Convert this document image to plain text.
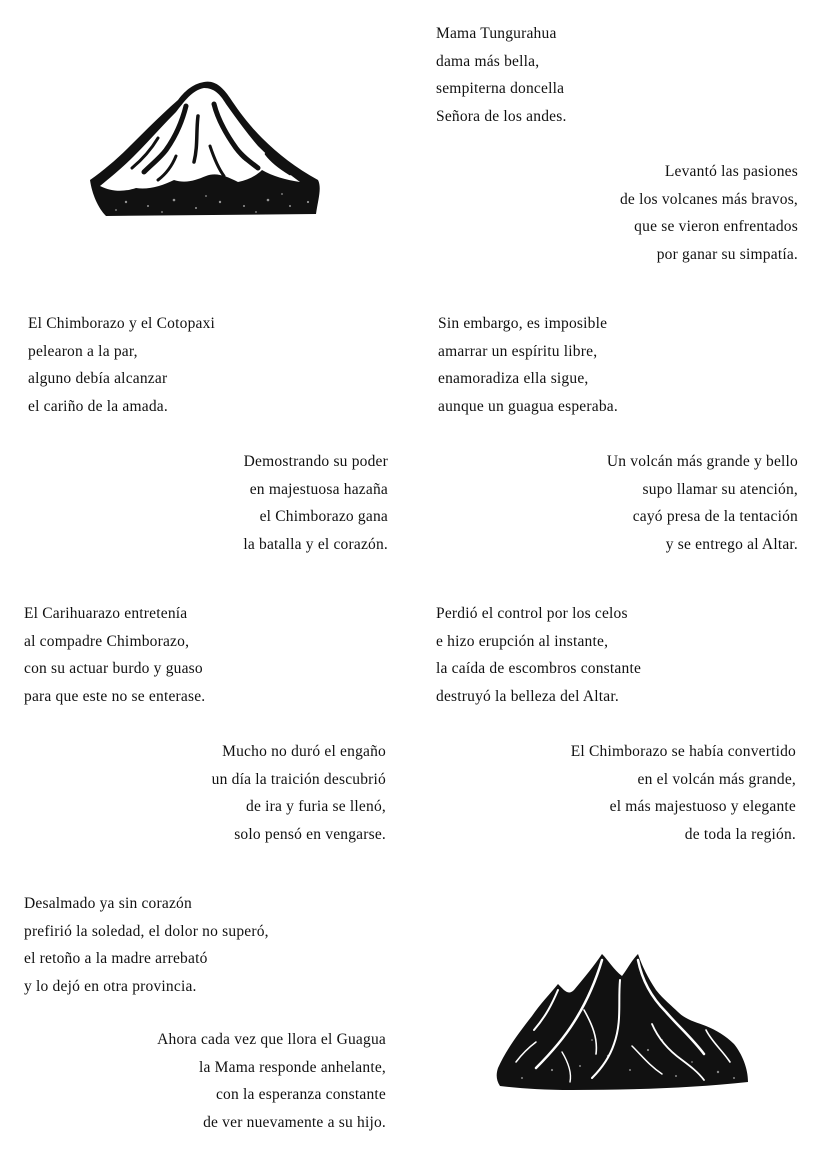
Mama Tungurahua
dama más bella,
sempiterna doncella
Señora de los andes.
Levantó las pasiones
de los volcanes más bravos,
que se vieron enfrentados
por ganar su simpatía.
El Chimborazo y el Cotopaxi
pelearon a la par,
alguno debía alcanzar
el cariño de la amada.
Sin embargo, es imposible
amarrar un espíritu libre,
enamoradiza ella sigue,
aunque un guagua esperaba.
Demostrando su poder
en majestuosa hazaña
el Chimborazo gana
la batalla y el corazón.
Un volcán más grande y bello
supo llamar su atención,
cayó presa de la tentación
y se entrego al Altar.
El Carihuarazo entretenía
al compadre Chimborazo,
con su actuar burdo y guaso
para que este no se enterase.
Perdió el control por los celos
e hizo erupción al instante,
la caída de escombros constante
destruyó la belleza del Altar.
Mucho no duró el engaño
un día la traición descubrió
de ira y furia se llenó,
solo pensó en vengarse.
El Chimborazo se había convertido
en el volcán más grande,
el más majestuoso y elegante
de toda la región.
Desalmado ya sin corazón
prefirió la soledad, el dolor no superó,
el retoño a la madre arrebató
y lo dejó en otra provincia.
Ahora cada vez que llora el Guagua
la Mama responde anhelante,
con la esperanza constante
de ver nuevamente a su hijo.
